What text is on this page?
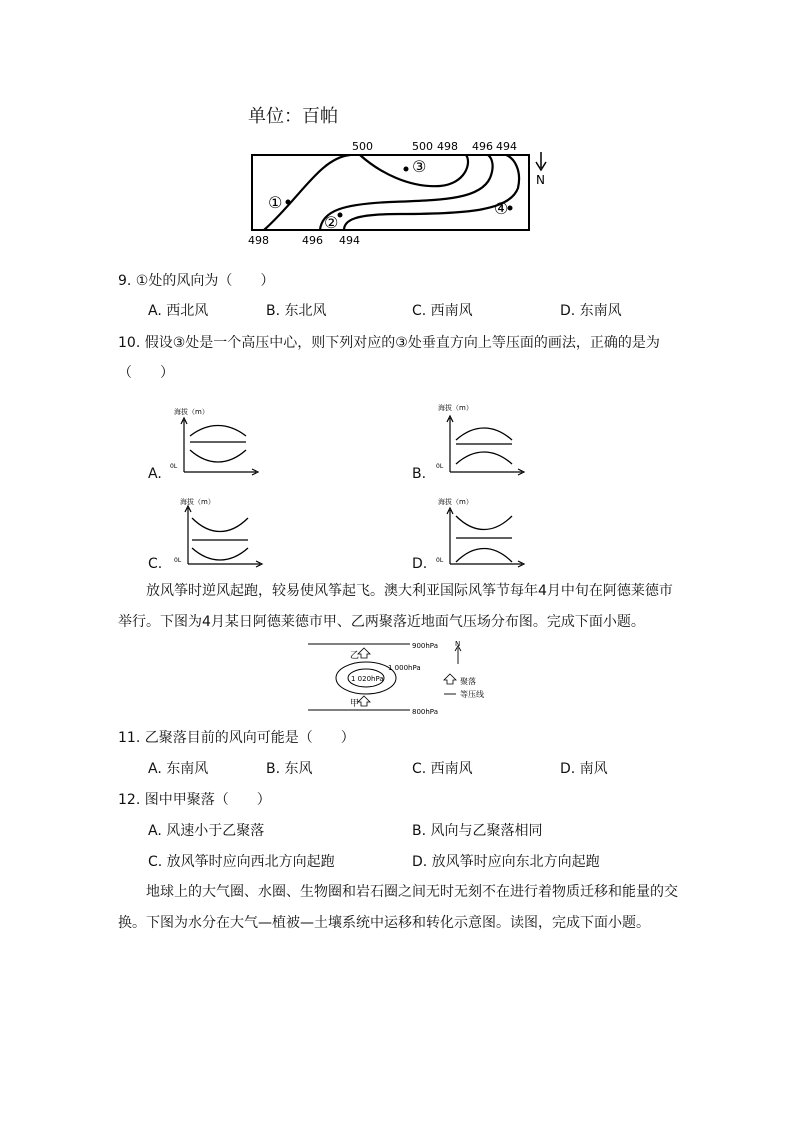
单位：百帕
N
500	500 498 496 494
498	496 494
①
②
③
④
9. ①处的风向为（　　）
A. 西北风	B. 东北风	C. 西南风	D. 东南风
10. 假设③处是一个高压中心，则下列对应的③处垂直方向上等压面的画法，正确的是为
（　　）
A.
海拔（m）
0L	B.
海拔（m）
0L
C.
海拔（m）
0L	D.
海拔（m）
0L
放风筝时逆风起跑，较易使风筝起飞。澳大利亚国际风筝节每年4月中旬在阿德莱德市举行。下图为4月某日阿德莱德市甲、乙两聚落近地面气压场分布图。完成下面小题。
900hPa
800hPa
1 020hPa
1 000hPa
乙
甲
N
聚落
等压线
11. 乙聚落目前的风向可能是（　　）
A. 东南风	B. 东风	C. 西南风	D. 南风
12. 图中甲聚落（　　）
A. 风速小于乙聚落	B. 风向与乙聚落相同
C. 放风筝时应向西北方向起跑	D. 放风筝时应向东北方向起跑
地球上的大气圈、水圈、生物圈和岩石圈之间无时无刻不在进行着物质迁移和能量的交换。下图为水分在大气—植被—土壤系统中运移和转化示意图。读图，完成下面小题。
